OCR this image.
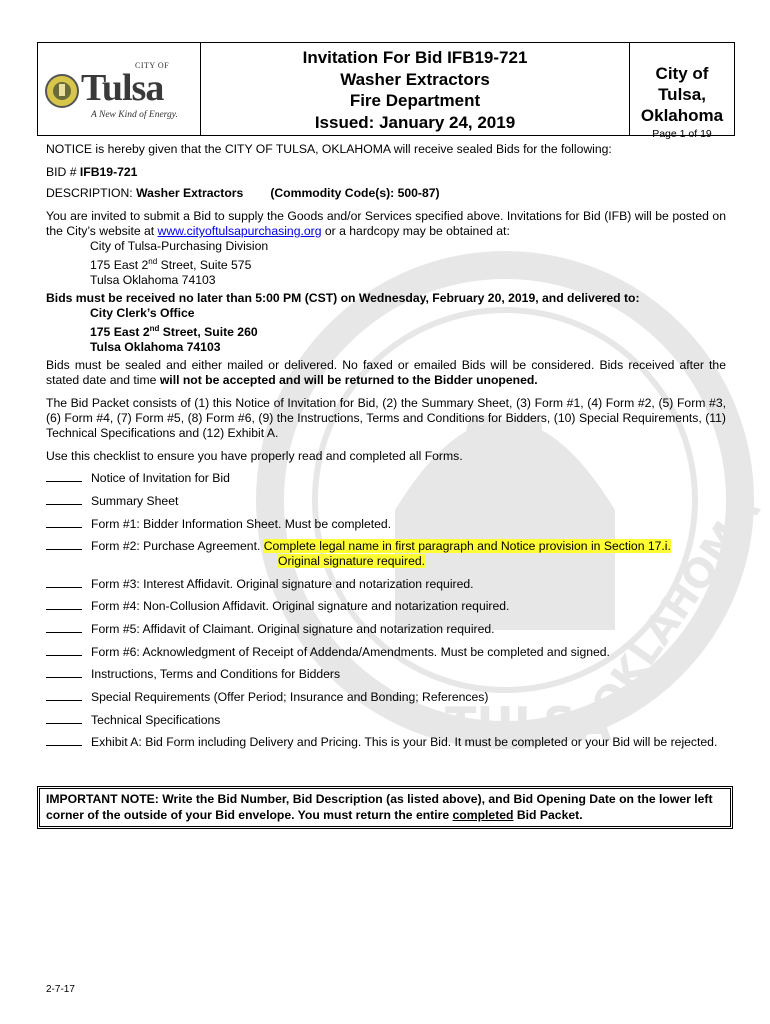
98
TULSA
OKLAHOMA
CITY OF
Tulsa
A New Kind of Energy.
Invitation For Bid IFB19-721
Washer Extractors
Fire Department
Issued: January 24, 2019
City of Tulsa,
Oklahoma
Page 1 of 19
NOTICE is hereby given that the CITY OF TULSA, OKLAHOMA will receive sealed Bids for the following:
BID # IFB19-721
DESCRIPTION: Washer Extractors (Commodity Code(s): 500-87)
You are invited to submit a Bid to supply the Goods and/or Services specified above. Invitations for Bid (IFB) will be posted on the City’s website at www.cityoftulsapurchasing.org or a hardcopy may be obtained at:
City of Tulsa-Purchasing Division
175 East 2nd Street, Suite 575
Tulsa Oklahoma 74103
Bids must be received no later than 5:00 PM (CST) on Wednesday, February 20, 2019, and delivered to:
City Clerk’s Office
175 East 2nd Street, Suite 260
Tulsa Oklahoma 74103
Bids must be sealed and either mailed or delivered. No faxed or emailed Bids will be considered. Bids received after the stated date and time will not be accepted and will be returned to the Bidder unopened.
The Bid Packet consists of (1) this Notice of Invitation for Bid, (2) the Summary Sheet, (3) Form #1, (4) Form #2, (5) Form #3, (6) Form #4, (7) Form #5, (8) Form #6, (9) the Instructions, Terms and Conditions for Bidders, (10) Special Requirements, (11) Technical Specifications and (12) Exhibit A.
Use this checklist to ensure you have properly read and completed all Forms.
Notice of Invitation for Bid
Summary Sheet
Form #1: Bidder Information Sheet. Must be completed.
Form #2: Purchase Agreement. Complete legal name in first paragraph and Notice provision in Section 17.i.
Original signature required.
Form #3: Interest Affidavit. Original signature and notarization required.
Form #4: Non-Collusion Affidavit. Original signature and notarization required.
Form #5: Affidavit of Claimant. Original signature and notarization required.
Form #6: Acknowledgment of Receipt of Addenda/Amendments. Must be completed and signed.
Instructions, Terms and Conditions for Bidders
Special Requirements (Offer Period; Insurance and Bonding; References)
Technical Specifications
Exhibit A: Bid Form including Delivery and Pricing. This is your Bid. It must be completed or your Bid will be rejected.
IMPORTANT NOTE: Write the Bid Number, Bid Description (as listed above), and Bid Opening Date on the lower left corner of the outside of your Bid envelope. You must return the entire completed Bid Packet.
2-7-17
